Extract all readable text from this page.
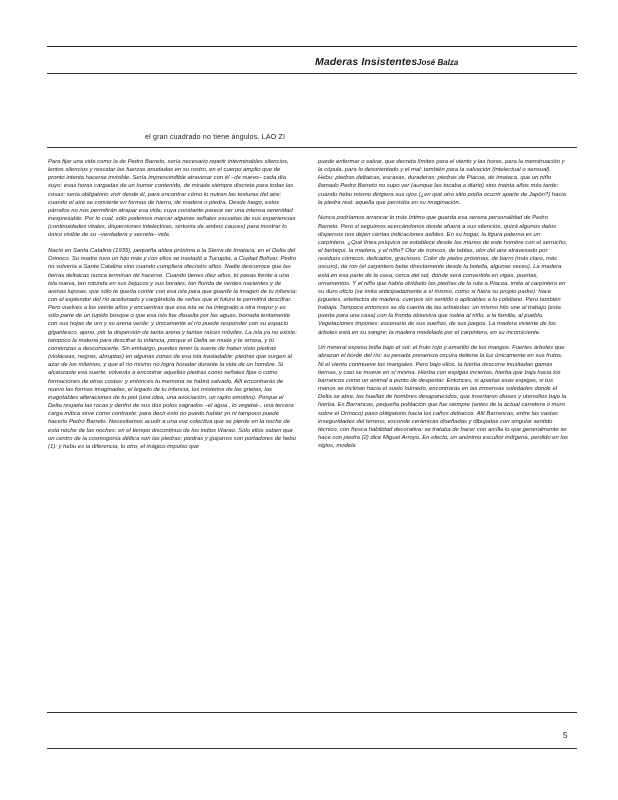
Maderas Insistentes José Balza
el gran cuadrado no tiene ángulos. LAO ZI

Para fijar una vida como la de Pedro Barreto, sería necesario repetir interminables silencios, lentos silencios y rescatar las fuerzas anudadas en su rostro, en el cuerpo amplio que de pronto intenta hacerse invisible. Sería imprescindible atravesar con él –de nuevo– cada día suyo: esas horas cargadas de un humor contenido, de mirada siempre discreta para todas las cosas; sería obligatorio vivir desde él, para encontrar cómo lo nutren las texturas del aire: cuando el aire se convierte en formas de hierro, de madera o piedra. Desde luego, estos párrafos no nos permitirán atrapar esa vida, cuya constante parece ser una intensa serenidad inexpresable. Por lo cual, sólo podemos marcar algunas señales escuetas de sus experiencias (continuidades vitales, dispersiones intelectivas, sintonía de ambos cauces) para mostrar lo único visible de su –verdadera y secreta– vida.

Nació en Santa Catalina (1935), pequeña aldea próxima a la Sierra de Imataca, en el Delta del Orinoco. Su madre tuvo un hijo más y con ellos se trasladó a Tucupita, a Ciudad Bolívar. Pedro no volvería a Santa Catalina sino cuando cumpliera dieciséis años. Nadie desconoce que las tierras deltaicas nunca terminan de hacerse. Cuando tienes diez años, tú pasas frente a una isla nueva, tan rotunda en sus bejucos y sus borales, tan florida de verdes nacientes y de arenas lujosas, que sólo te queda contar con esa isla para que guarde la imagen de tu infancia: con el esplendor del río aceitunado y cargándola de señas que el futuro te permitirá descifrar. Pero vuelves a los veinte años y encuentras que esa isla se ha integrado a otra mayor y es sólo parte de un tupido bosque o que esa isla fue disuelta por las aguas, borrada lentamente con sus hojas de oro y su arena verde: y únicamente el río puede responder con su espacio gigantesco, ajeno, por la dispersión de tanta arena y tantas raíces móviles. La isla ya no existe: tampoco la materia para descifrar tu infancia, porque el Delta se muda y te arrasa, y tú comienzas a desconocerte. Sin embargo, puedes tener la suerte de haber visto piedras (violáceas, negras, abruptas) en algunas zonas de esa isla trasladable: piedras que surgen al azar de los milenios, y que el río mismo no logra horadar durante la vida de un hombre. Si alcanzaste esa suerte, volverás a encontrar aquellas piedras como señales fijas o como formaciones de otras costas: y entonces tu memoria se habrá salvado. Allí encontrarás de nuevo las formas imaginadas, el legado de tu infancia, los misterios de las grietas, las inagotables alteraciones de tu piel (una idea, una asociación, un rapto emotivo). Porque el Delta respeta las rocas y dentro de sus dos polos sagrados –el agua , lo vegetal–, una tercera carga mítica sirve como contraste: para decir esto no puedo hablar yo ni tampoco puede hacerlo Pedro Barreto. Necesitamos acudir a una voz colectiva que se pierde en la noche de esta noche de las noches: en el tiempo discontinuo de los indios Warao. Sólo ellos saben que un centro de la cosmogonía déltica son las piedras: piedras y guijarros son portadores de hebu (1): y hebu es la diferencia, lo otro, el mágico impulso que

puede enfermar o salvar, que decreta límites para el viento y las horas, para la menstruación y la cópula, para lo desorientado y el mal: también para la salvación (intelectual o sensual). Hebu: piedras deltaicas, escasas, duraderas; piedras de Piacoa, de Imataca, que un niño llamado Pedro Barreto no supo ver (aunque las tocaba a diario) sino treinta años más tarde: cuando hebu mismo dirigiera sus ojos (¿en qué otro sitio podía ocurrir aparte de Japón?) hacia la piedra real: aquella que persistía en su imaginación.

Nunca podríamos arrancar lo más íntimo que guarda esa serena personalidad de Pedro Barreto. Pero si seguimos acercándonos desde afuera a sus silencios, quizá algunos datos dispersos nos dejen ciertas indicaciones asibles. En su hogar, la figura paterna es un carpintero. ¿Qué línea psíquica se establece desde las manos de este hombre con el serrucho, el berbiquí, la madera, y el niño? Olor de troncos, de tablas, olor del aire atravesado por residuos cómicos, delicados, graciosos. Color de pieles próximas, de barro (más claro, más oscuro), de ron (el carpintero bebe directamente desde la botella, algunas veces). La madera está en esa parte de la casa, cerca del sol, donde será convertida en vigas, puertas, ornamentos. Y el niño que había olvidado las piedras de la ruta a Piacoa, imita al carpintero en su duro oficio (se imita anticipadamente a sí mismo, como si fuera su propio padre): hace juguetes, artefactos de madera: cuerpos sin sentido o aplicables a lo cotidiano. Pero también trabaja. Tampoco entonces se da cuenta de las arboledas: un mismo hilo une al trabajo (esta puerta para una casa) con la fronda obsesiva que rodea al niño, a la familia, al pueblo. Vegetaciones impunes: escenario de sus sueños, de sus juegos. La madera viviente de los árboles está en su sangre; la madera modelada por el carpintero, en su inconsciente.

Un mineral espeso brilla bajo el sol: el fruto rojo y amarillo de los mangos. Fuertes árboles que abrazan el borde del río: su pesada presencia oscura detiene la luz únicamente en sus frutos. Ni el viento conmueve los mangales. Pero bajo ellos, la hierba descorre inusitadas gamas tiernas, y casi se mueve en sí misma. Hierba con espigas inciertas, hierba que baja hacia los barrancos como un animal a punto de despertar. Entonces, si apartas esas espigas, si tus manos se inclinan hacia el suelo húmedo, encontrarás en las inmensas soledades donde el Delta se abre, las huellas de hombres desaparecidos, que insertaron dioses y utensilios bajo la hierba. Es Barrancas, pequeña población que fue siempre (antes de la actual carretera o muro sobre el Orinoco) paso obligatorio hacia los caños deltaicos. Allí Barrancas, entre las vastas inseguridades del terreno, esconde cerámicas diseñadas y dibujadas con singular sentido técnico, con fresca habilidad decorativa: se trataba de hacer con arcilla lo que generalmente se hace con piedra (2) dice Miguel Arroyo. En efecto, un anónimo escultor indígena, perdido en los siglos, modela

5
